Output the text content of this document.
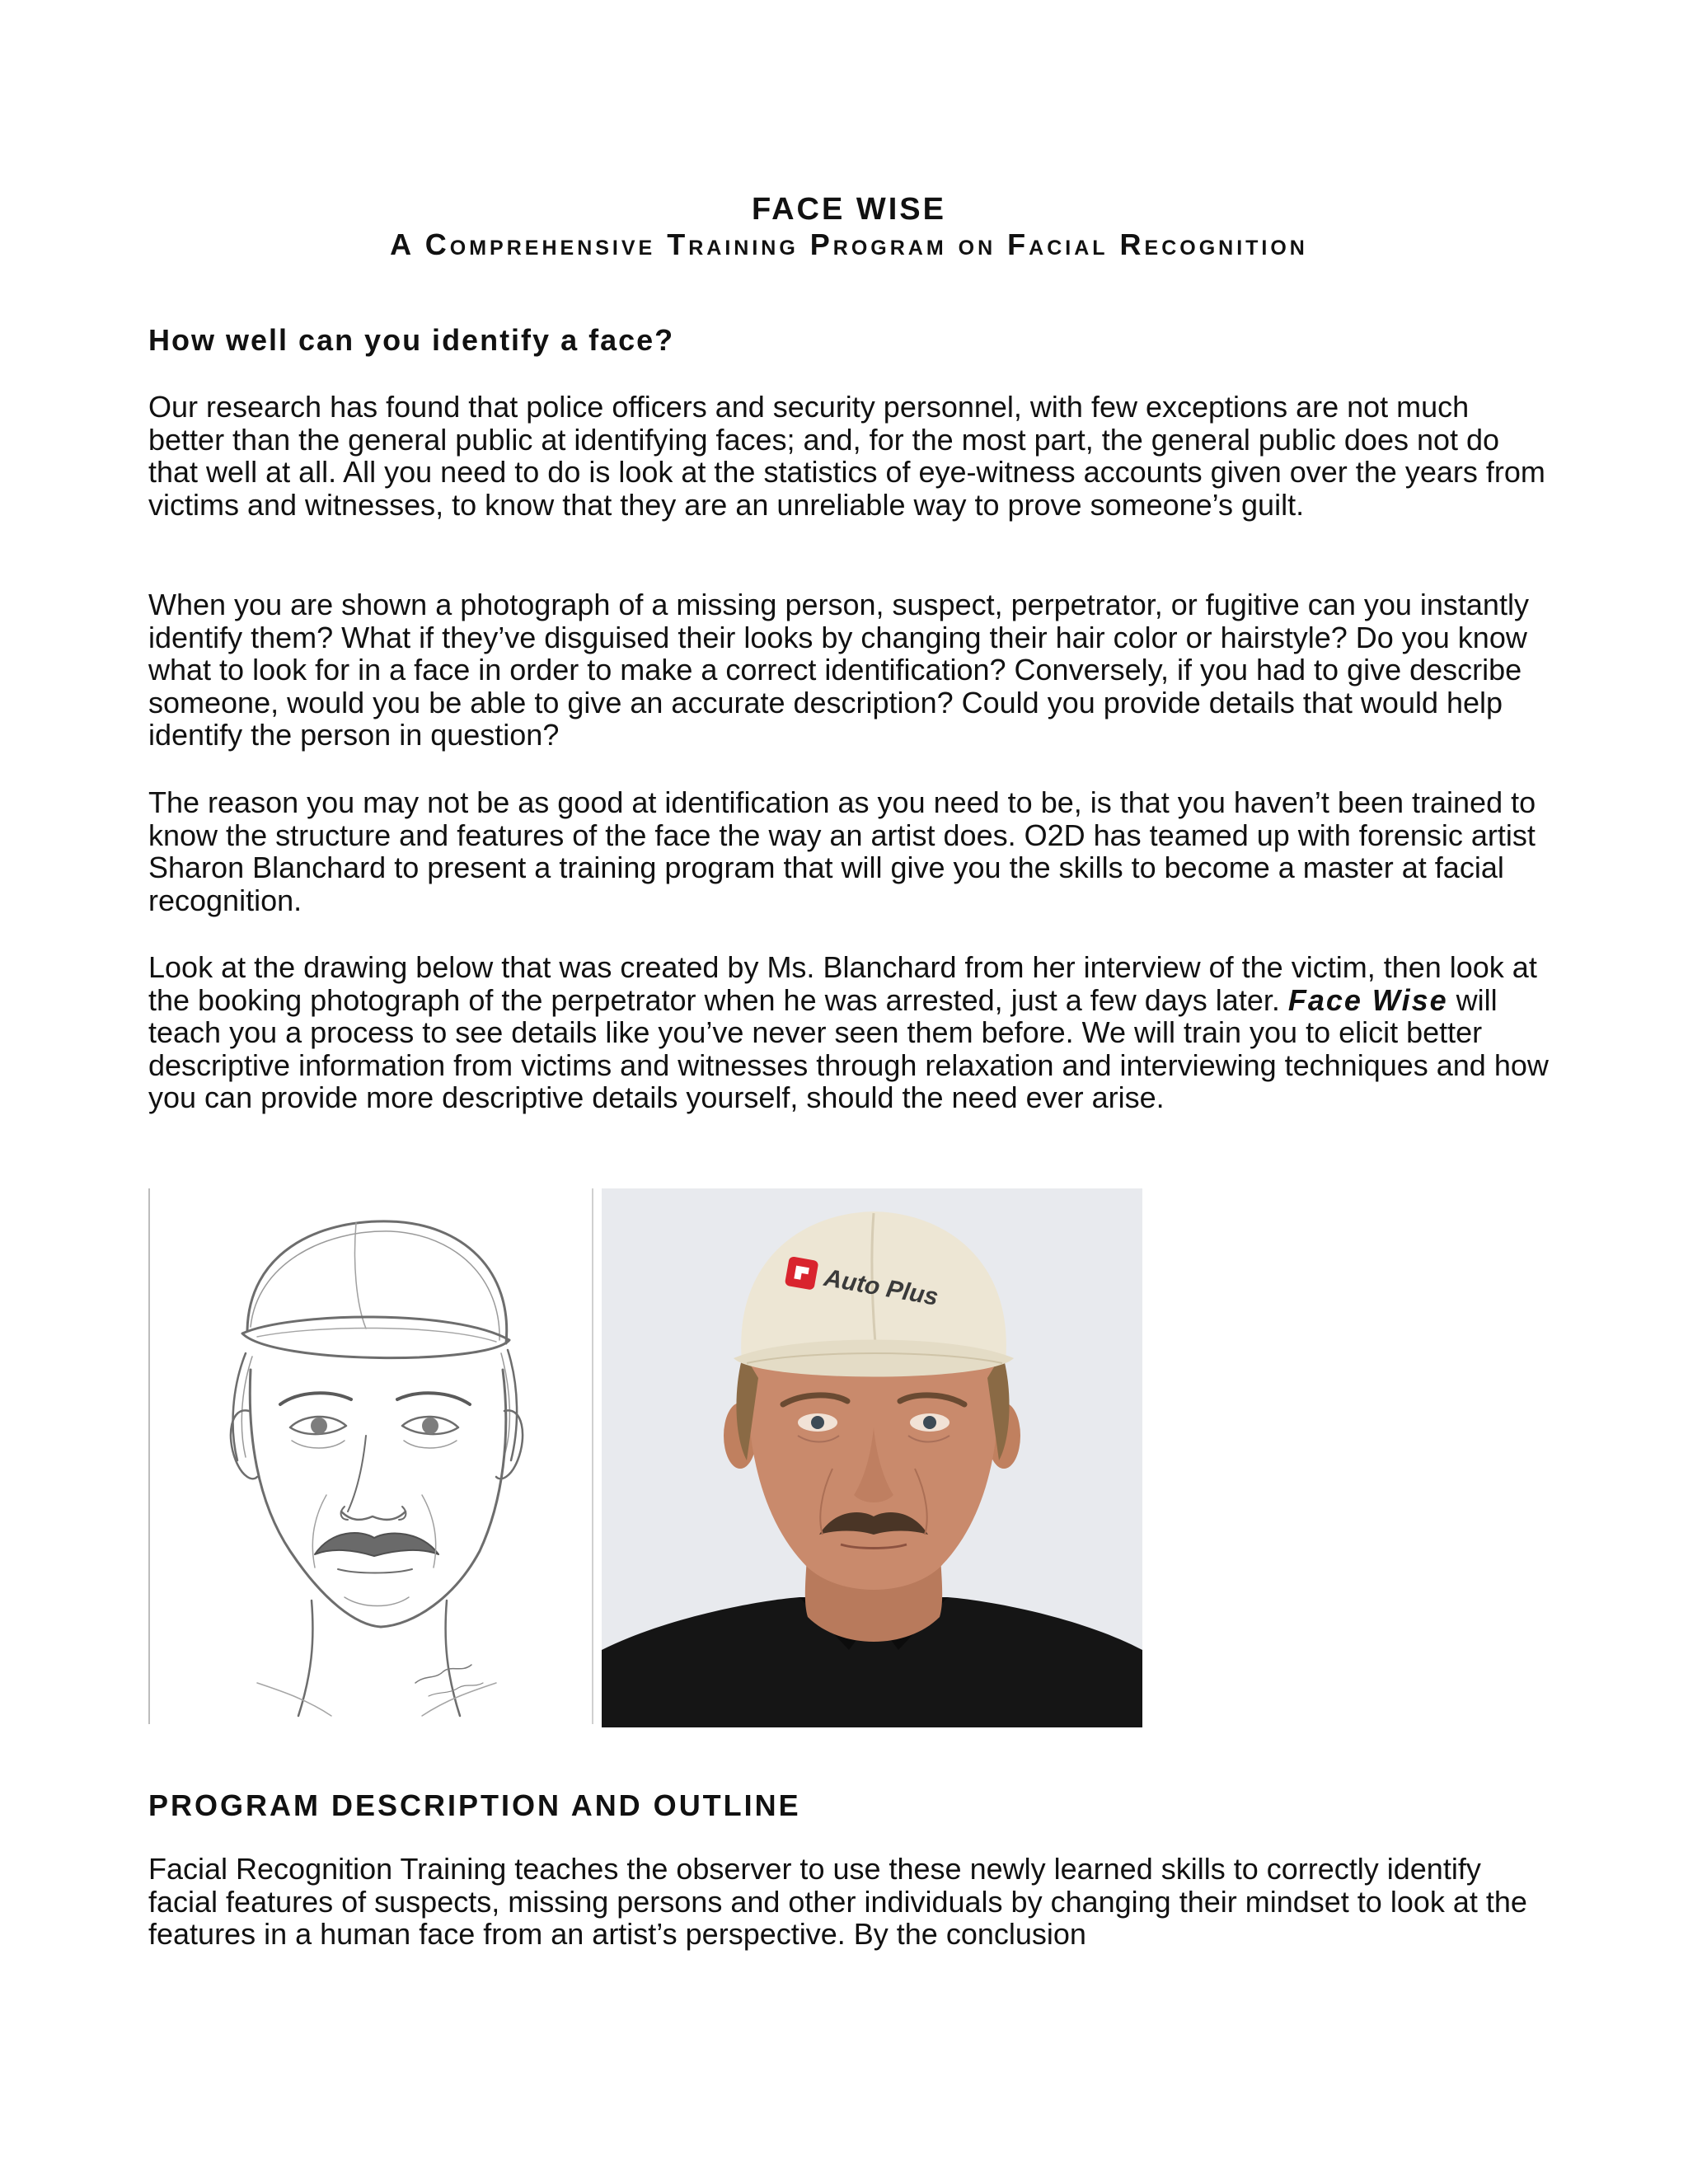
FACE WISE

A Comprehensive Training Program on Facial Recognition

How well can you identify a face?

Our research has found that police officers and security personnel, with few exceptions are not much better than the general public at identifying faces; and, for the most part, the general public does not do that well at all. All you need to do is look at the statistics of eye-witness accounts given over the years from victims and witnesses, to know that they are an unreliable way to prove someone’s guilt.

When you are shown a photograph of a missing person, suspect, perpetrator, or fugitive can you instantly identify them? What if they’ve disguised their looks by changing their hair color or hairstyle? Do you know what to look for in a face in order to make a correct identification? Conversely, if you had to give describe someone, would you be able to give an accurate description? Could you provide details that would help identify the person in question?

The reason you may not be as good at identification as you need to be, is that you haven’t been trained to know the structure and features of the face the way an artist does. O2D has teamed up with forensic artist Sharon Blanchard to present a training program that will give you the skills to become a master at facial recognition.

Look at the drawing below that was created by Ms. Blanchard from her interview of the victim, then look at the booking photograph of the perpetrator when he was arrested, just a few days later. Face Wise will teach you a process to see details like you’ve never seen them before. We will train you to elicit better descriptive information from victims and witnesses through relaxation and interviewing techniques and how you can provide more descriptive details yourself, should the need ever arise.

Auto Plus
PROGRAM DESCRIPTION AND OUTLINE

Facial Recognition Training teaches the observer to use these newly learned skills to correctly identify facial features of suspects, missing persons and other individuals by changing their mindset to look at the features in a human face from an artist’s perspective. By the conclusion
